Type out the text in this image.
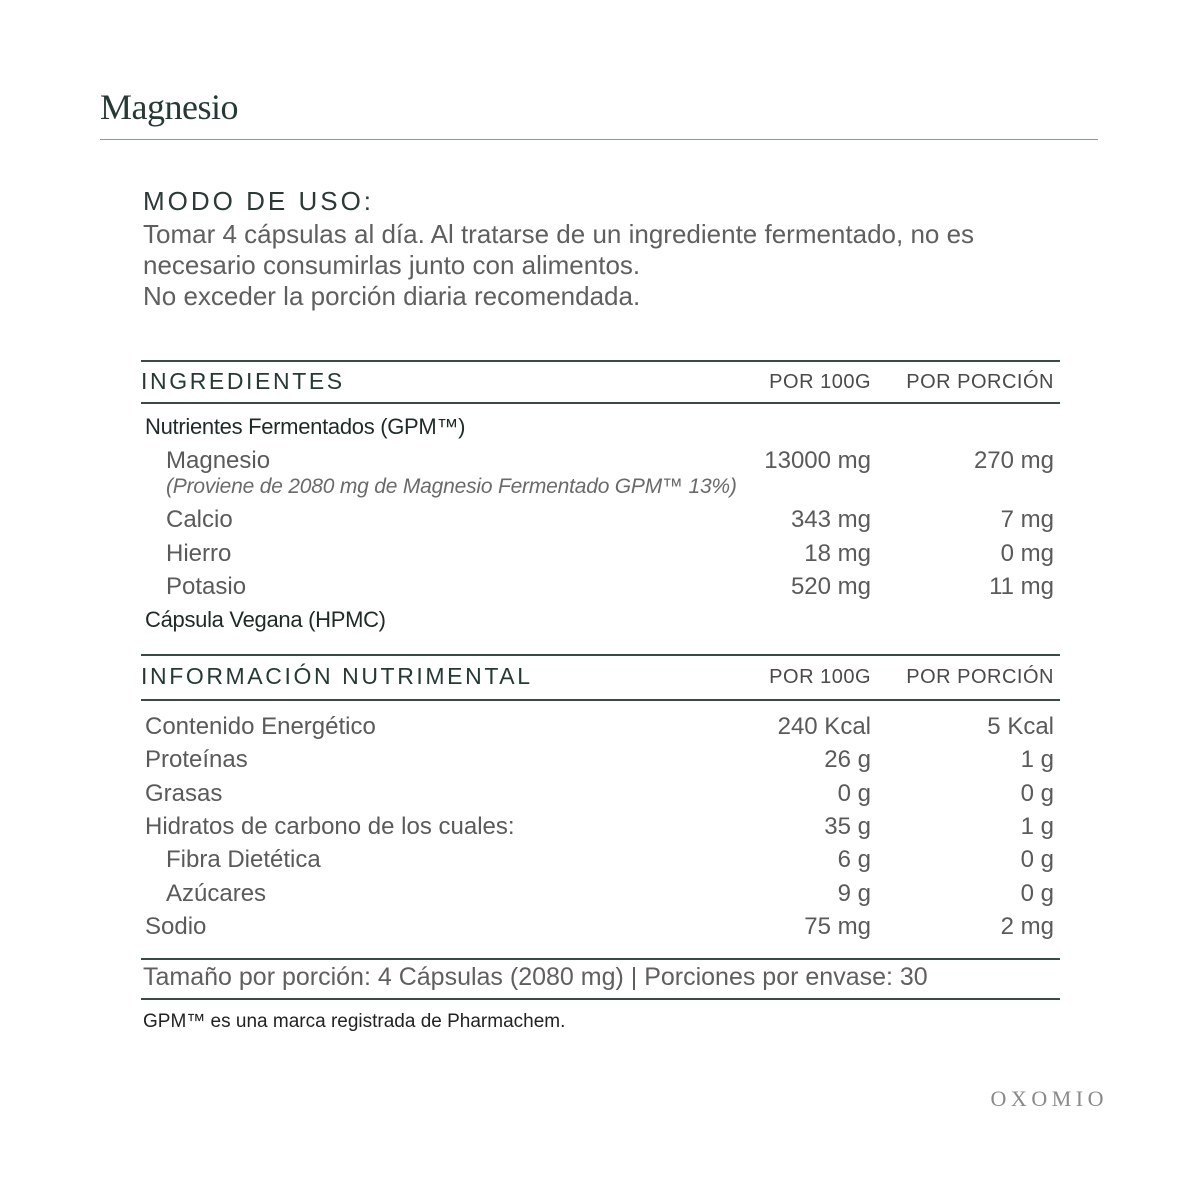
Magnesio
MODO DE USO:

Tomar 4 cápsulas al día. Al tratarse de un ingrediente fermentado, no es
necesario consumirlas junto con alimentos.
No exceder la porción diaria recomendada.

INGREDIENTES	POR 100G POR PORCIÓN
Nutrientes Fermentados (GPM™)
Magnesio	13000 mg	270 mg
(Proviene de 2080 mg de Magnesio Fermentado GPM™ 13%)
Calcio	343 mg	7 mg
Hierro	18 mg	0 mg
Potasio	520 mg	11 mg
Cápsula Vegana (HPMC)
INFORMACIÓN NUTRIMENTAL	POR 100G POR PORCIÓN
Contenido Energético	240 Kcal	5 Kcal
Proteínas	26 g	1 g
Grasas	0 g	0 g
Hidratos de carbono de los cuales:	35 g	1 g
Fibra Dietética	6 g	0 g
Azúcares	9 g	0 g
Sodio	75 mg	2 mg

Tamaño por porción: 4 Cápsulas (2080 mg) | Porciones por envase: 30

GPM™ es una marca registrada de Pharmachem.

OXOMIO
